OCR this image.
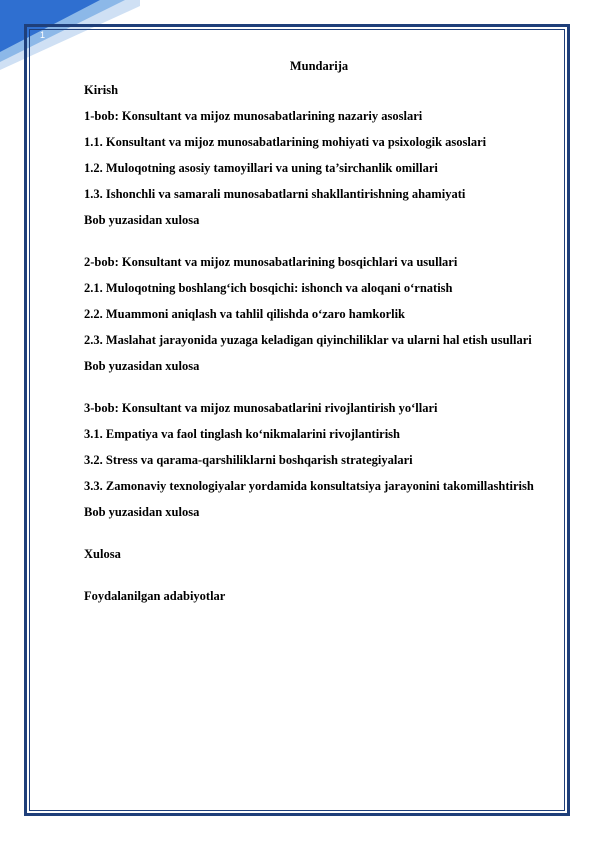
1
Mundarija
Kirish
1-bob: Konsultant va mijoz munosabatlarining nazariy asoslari
1.1. Konsultant va mijoz munosabatlarining mohiyati va psixologik asoslari
1.2. Muloqotning asosiy tamoyillari va uning ta’sirchanlik omillari
1.3. Ishonchli va samarali munosabatlarni shakllantirishning ahamiyati
Bob yuzasidan xulosa
2-bob: Konsultant va mijoz munosabatlarining bosqichlari va usullari
2.1. Muloqotning boshlang‘ich bosqichi: ishonch va aloqani o‘rnatish
2.2. Muammoni aniqlash va tahlil qilishda o‘zaro hamkorlik
2.3. Maslahat jarayonida yuzaga keladigan qiyinchiliklar va ularni hal etish usullari
Bob yuzasidan xulosa
3-bob: Konsultant va mijoz munosabatlarini rivojlantirish yo‘llari
3.1. Empatiya va faol tinglash ko‘nikmalarini rivojlantirish
3.2. Stress va qarama-qarshiliklarni boshqarish strategiyalari
3.3. Zamonaviy texnologiyalar yordamida konsultatsiya jarayonini takomillashtirish
Bob yuzasidan xulosa
Xulosa
Foydalanilgan adabiyotlar
